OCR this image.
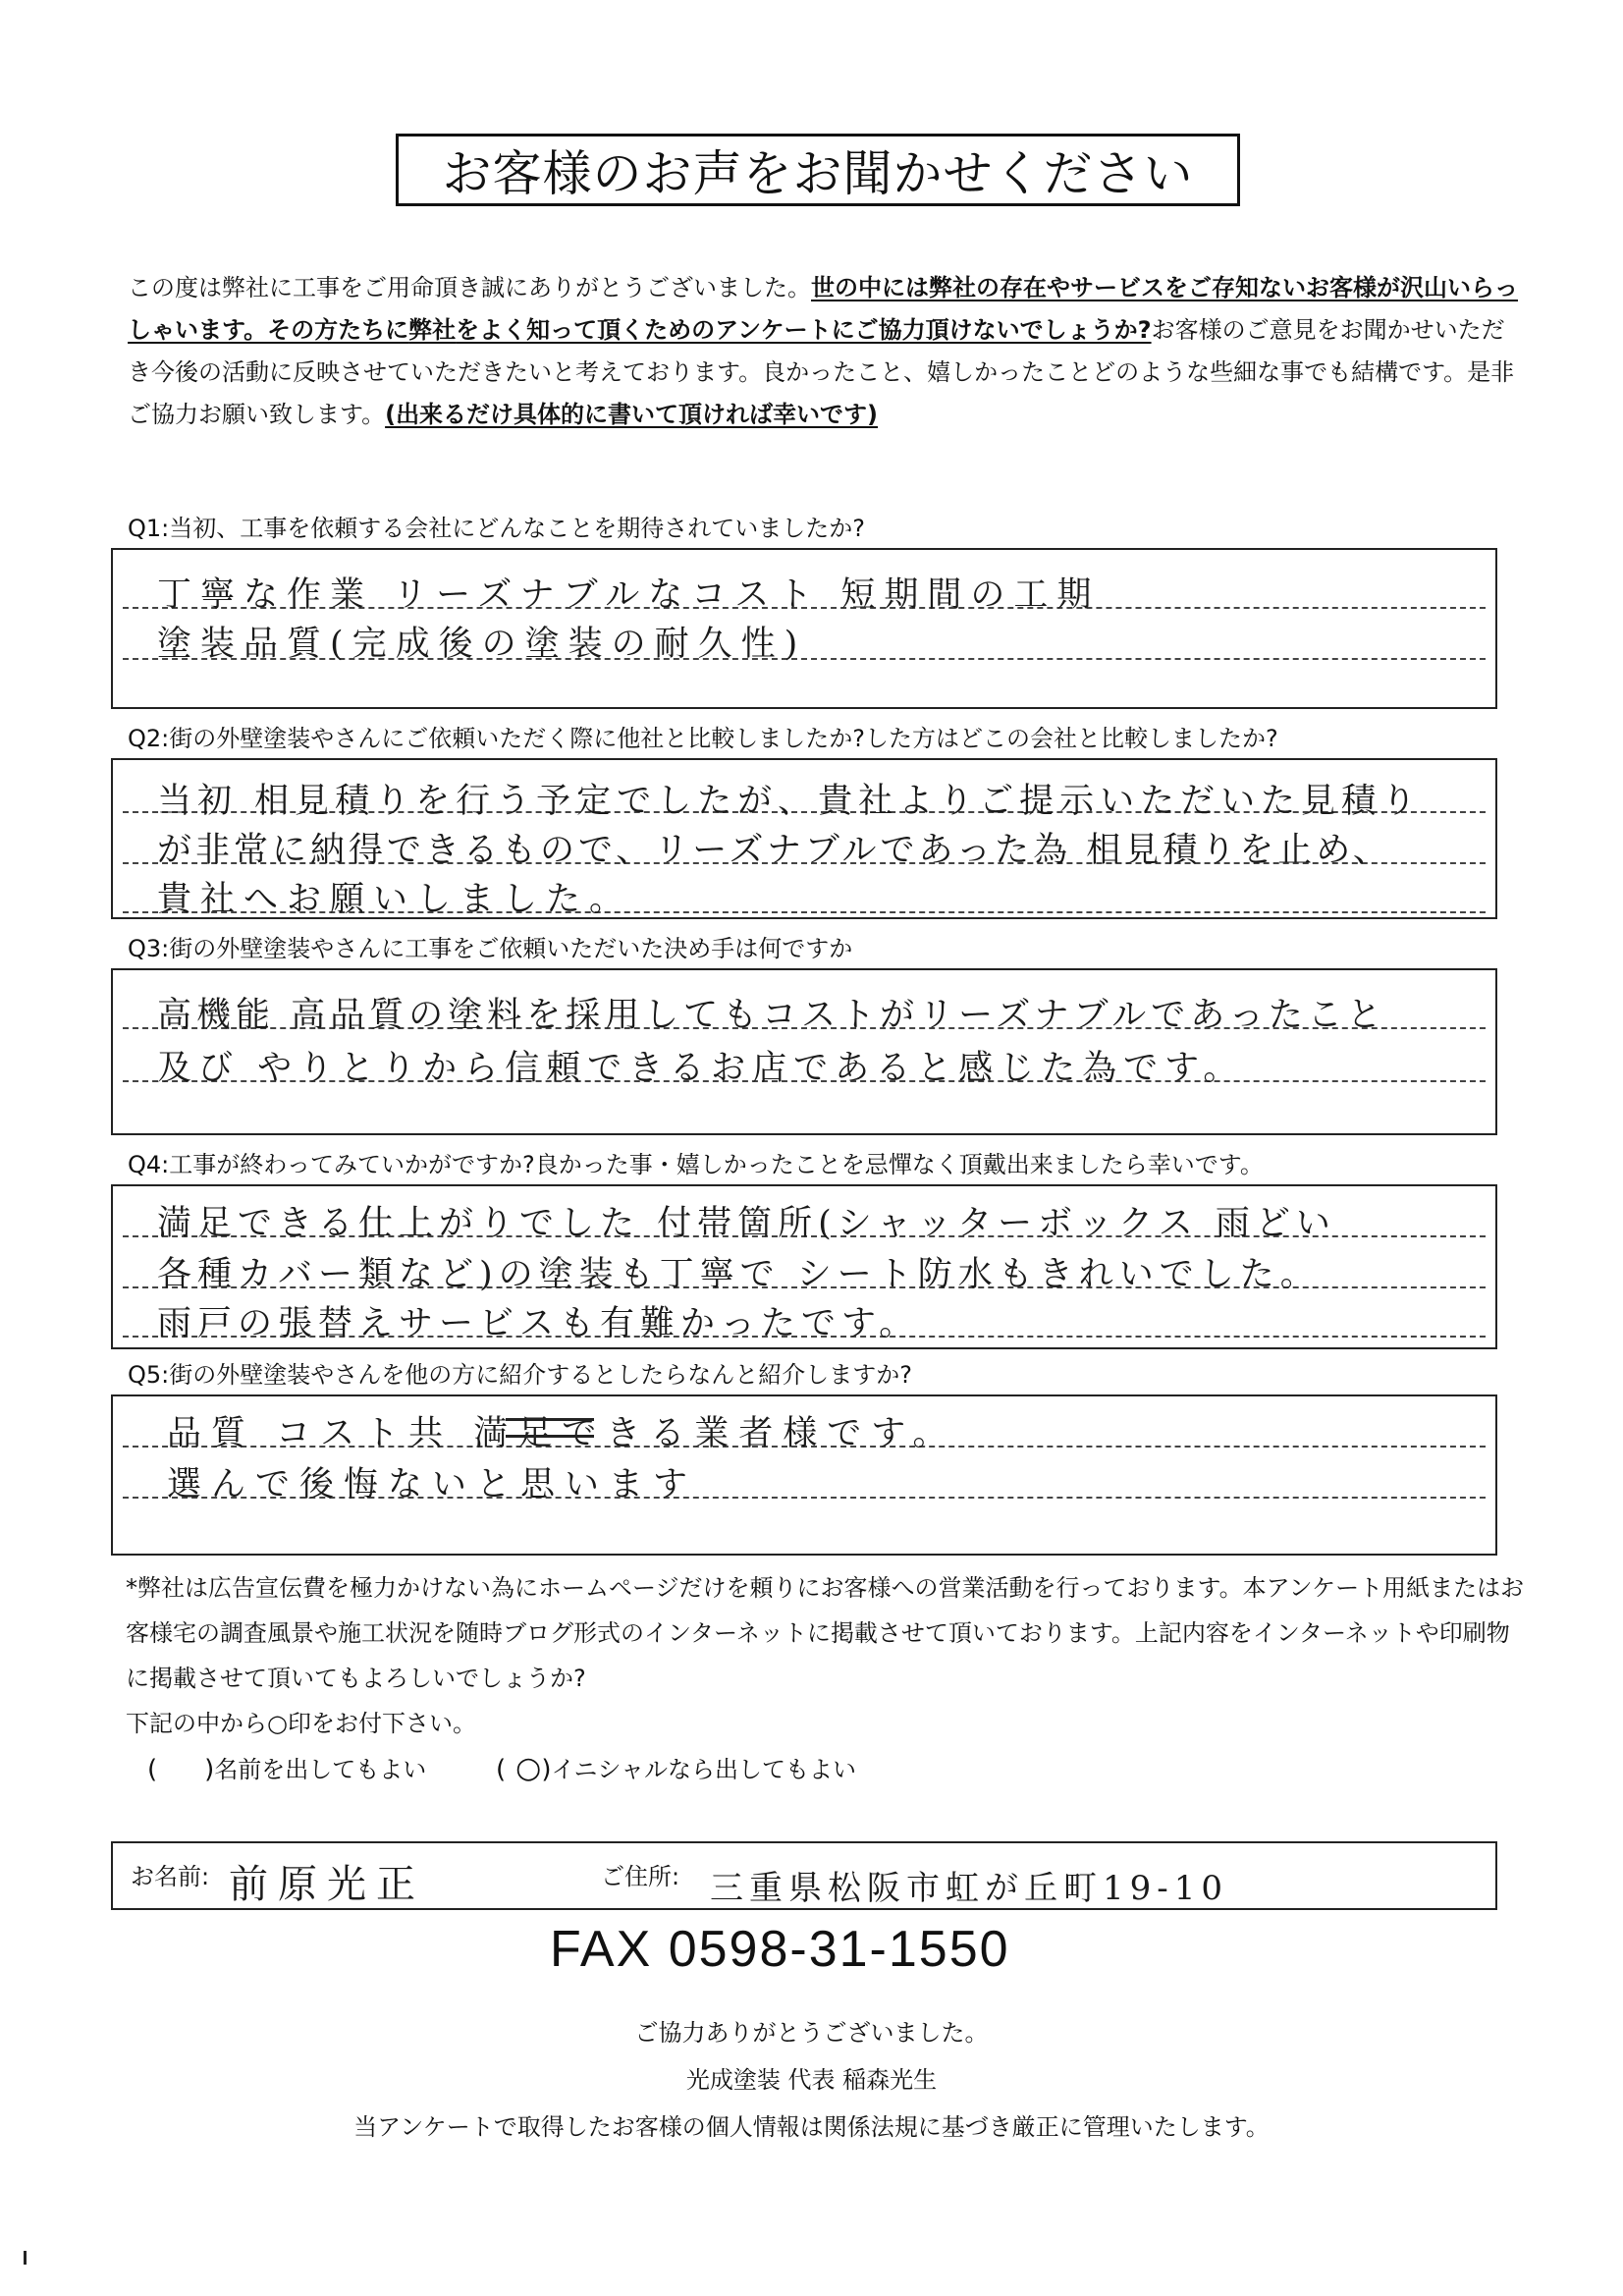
お客様のお声をお聞かせください
この度は弊社に工事をご用命頂き誠にありがとうございました。世の中には弊社の存在やサービスをご存知ないお客様が沢山いらっしゃいます。その方たちに弊社をよく知って頂くためのアンケートにご協力頂けないでしょうか?お客様のご意見をお聞かせいただき今後の活動に反映させていただきたいと考えております。良かったこと、嬉しかったことどのような些細な事でも結構です。是非ご協力お願い致します。(出来るだけ具体的に書いて頂ければ幸いです)
Q1:当初、工事を依頼する会社にどんなことを期待されていましたか?
丁寧な作業 リーズナブルなコスト 短期間の工期
塗装品質(完成後の塗装の耐久性)
Q2:街の外壁塗装やさんにご依頼いただく際に他社と比較しましたか?した方はどこの会社と比較しましたか?
当初 相見積りを行う予定でしたが、貴社よりご提示いただいた見積り
が非常に納得できるもので、リーズナブルであった為 相見積りを止め、
貴社へお願いしました。
Q3:街の外壁塗装やさんに工事をご依頼いただいた決め手は何ですか
高機能 高品質の塗料を採用してもコストがリーズナブルであったこと
及び やりとりから信頼できるお店であると感じた為です。
Q4:工事が終わってみていかがですか?良かった事・嬉しかったことを忌憚なく頂戴出来ましたら幸いです。
満足できる仕上がりでした 付帯箇所(シャッターボックス 雨どい
各種カバー類など)の塗装も丁寧で シート防水もきれいでした。
雨戸の張替えサービスも有難かったです。
Q5:街の外壁塗装やさんを他の方に紹介するとしたらなんと紹介しますか?
品質 コスト共 満足できる業者様です。
選んで後悔ないと思います
*弊社は広告宣伝費を極力かけない為にホームページだけを頼りにお客様への営業活動を行っております。本アンケート用紙またはお客様宅の調査風景や施工状況を随時ブログ形式のインターネットに掲載させて頂いております。上記内容をインターネットや印刷物に掲載させて頂いてもよろしいでしょうか?
下記の中から○印をお付下さい。
( )名前を出してもよい	( ○)イニシャルなら出してもよい
お名前: 前原光正	ご住所: 三重県松阪市虹が丘町19-10
FAX 0598-31-1550
ご協力ありがとうございました。
光成塗装 代表 稲森光生
当アンケートで取得したお客様の個人情報は関係法規に基づき厳正に管理いたします。
